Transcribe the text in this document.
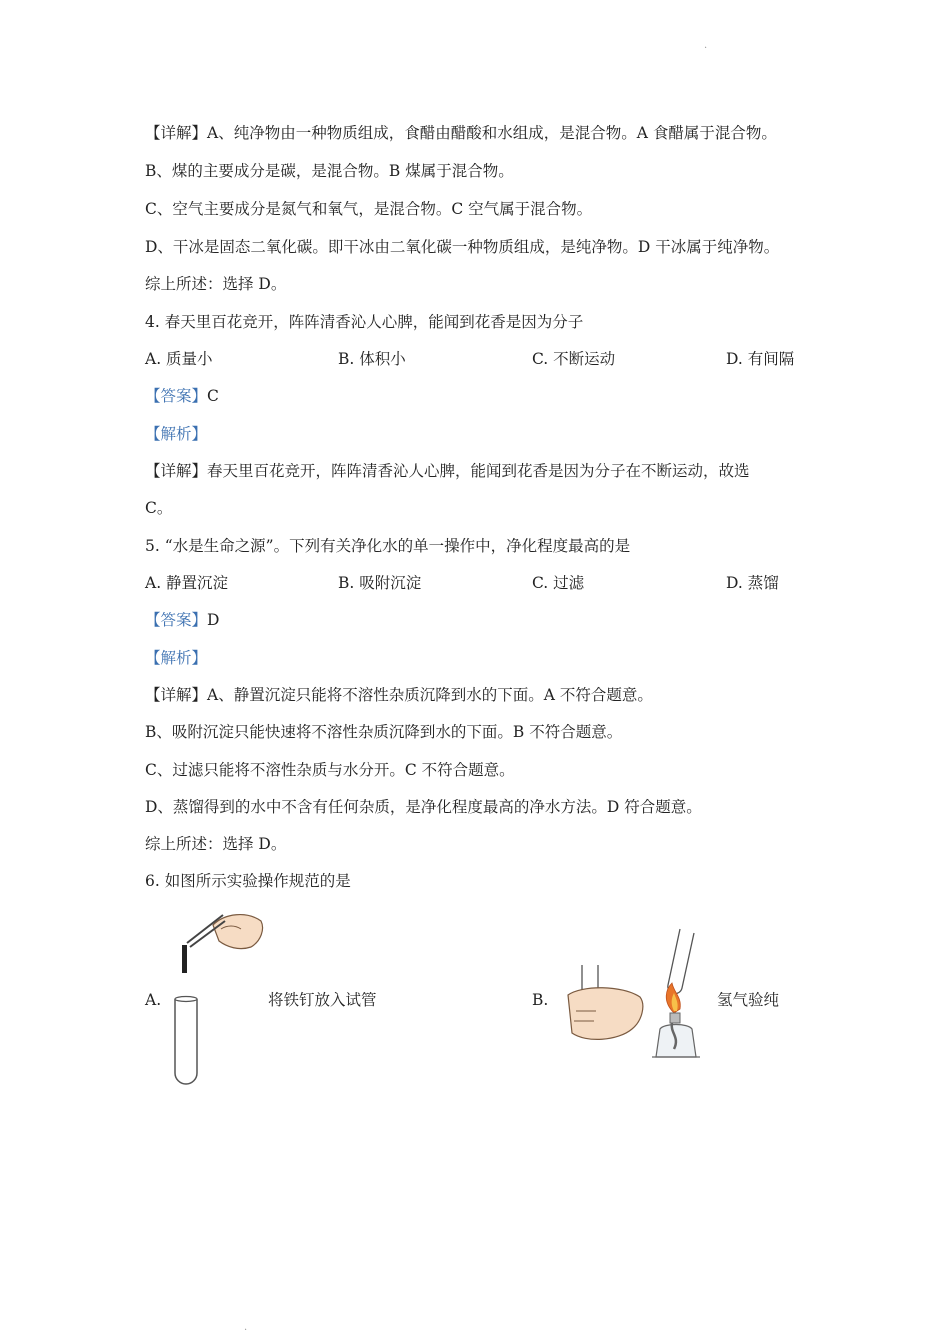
.
【详解】A、纯净物由一种物质组成，食醋由醋酸和水组成，是混合物。A 食醋属于混合物。
B、煤的主要成分是碳，是混合物。B 煤属于混合物。
C、空气主要成分是氮气和氧气，是混合物。C 空气属于混合物。
D、干冰是固态二氧化碳。即干冰由二氧化碳一种物质组成，是纯净物。D 干冰属于纯净物。
综上所述：选择 D。
4. 春天里百花竞开，阵阵清香沁人心脾，能闻到花香是因为分子
A. 质量小	B. 体积小	C. 不断运动	D. 有间隔
【答案】C
【解析】
【详解】春天里百花竞开，阵阵清香沁人心脾，能闻到花香是因为分子在不断运动，故选
C。
5. “水是生命之源”。下列有关净化水的单一操作中，净化程度最高的是
A. 静置沉淀	B. 吸附沉淀	C. 过滤	D. 蒸馏
【答案】D
【解析】
【详解】A、静置沉淀只能将不溶性杂质沉降到水的下面。A 不符合题意。
B、吸附沉淀只能快速将不溶性杂质沉降到水的下面。B 不符合题意。
C、过滤只能将不溶性杂质与水分开。C 不符合题意。
D、蒸馏得到的水中不含有任何杂质，是净化程度最高的净水方法。D 符合题意。
综上所述：选择 D。
6. 如图所示实验操作规范的是
A.	将铁钉放入试管	B.	氢气验纯
.
